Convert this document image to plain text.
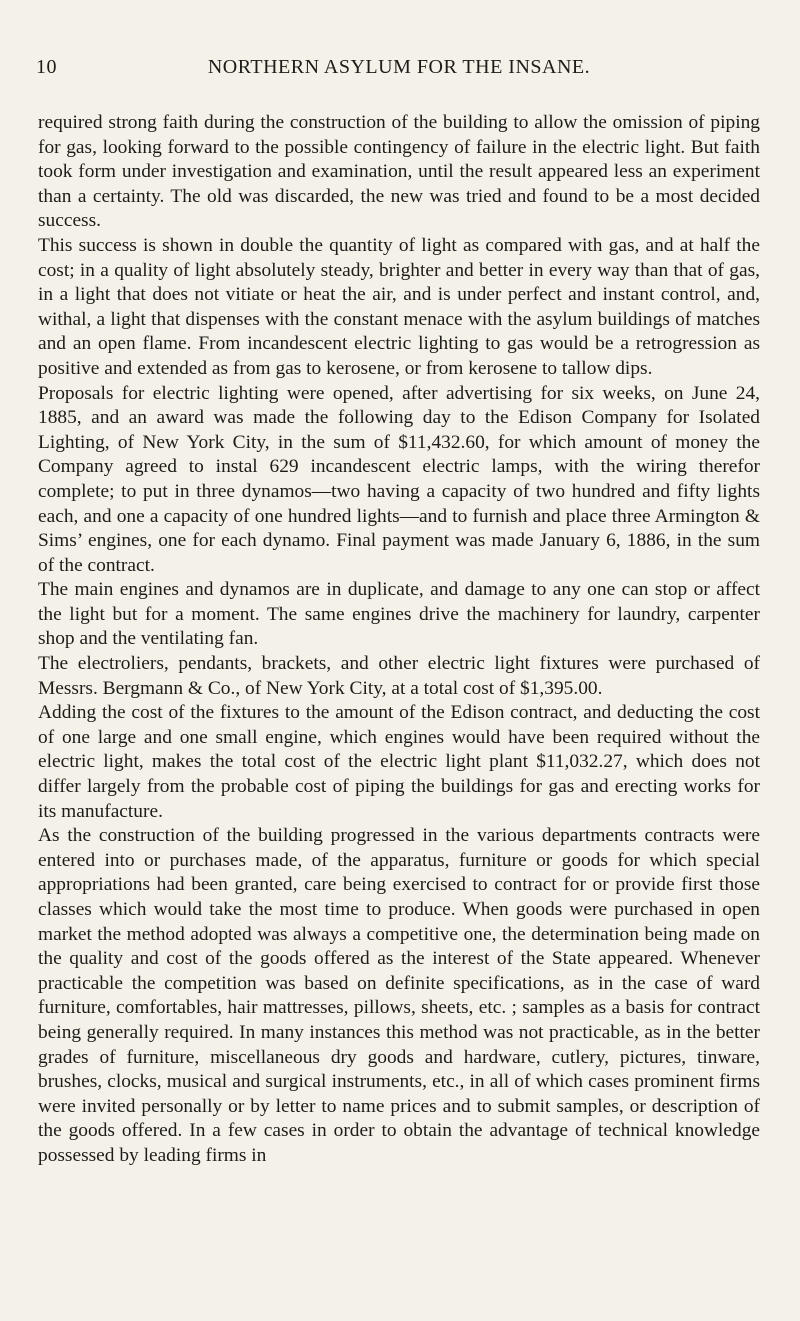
10	NORTHERN ASYLUM FOR THE INSANE.

required strong faith during the construction of the building to allow the omission of piping for gas, looking forward to the possible contingency of failure in the electric light. But faith took form under investigation and examination, until the result appeared less an experiment than a certainty. The old was discarded, the new was tried and found to be a most decided success.

This success is shown in double the quantity of light as compared with gas, and at half the cost; in a quality of light absolutely steady, brighter and better in every way than that of gas, in a light that does not vitiate or heat the air, and is under perfect and instant control, and, withal, a light that dispenses with the constant menace with the asylum buildings of matches and an open flame. From incandescent electric lighting to gas would be a retrogression as positive and extended as from gas to kerosene, or from kerosene to tallow dips.

Proposals for electric lighting were opened, after advertising for six weeks, on June 24, 1885, and an award was made the following day to the Edison Company for Isolated Lighting, of New York City, in the sum of $11,432.60, for which amount of money the Company agreed to instal 629 incandescent electric lamps, with the wiring therefor complete; to put in three dynamos—two having a capacity of two hundred and fifty lights each, and one a capacity of one hundred lights—and to furnish and place three Armington & Sims’ engines, one for each dynamo. Final payment was made January 6, 1886, in the sum of the contract.

The main engines and dynamos are in duplicate, and damage to any one can stop or affect the light but for a moment. The same engines drive the machinery for laundry, carpenter shop and the ventilating fan.

The electroliers, pendants, brackets, and other electric light fixtures were purchased of Messrs. Bergmann & Co., of New York City, at a total cost of $1,395.00.

Adding the cost of the fixtures to the amount of the Edison contract, and deducting the cost of one large and one small engine, which engines would have been required without the electric light, makes the total cost of the electric light plant $11,032.27, which does not differ largely from the probable cost of piping the buildings for gas and erecting works for its manufacture.

As the construction of the building progressed in the various departments contracts were entered into or purchases made, of the apparatus, furniture or goods for which special appropriations had been granted, care being exercised to contract for or provide first those classes which would take the most time to produce. When goods were purchased in open market the method adopted was always a competitive one, the determination being made on the quality and cost of the goods offered as the interest of the State appeared. Whenever practicable the competition was based on definite specifications, as in the case of ward furniture, comfortables, hair mattresses, pillows, sheets, etc. ; samples as a basis for contract being generally required. In many instances this method was not practicable, as in the better grades of furniture, miscellaneous dry goods and hardware, cutlery, pictures, tinware, brushes, clocks, musical and surgical instruments, etc., in all of which cases prominent firms were invited personally or by letter to name prices and to submit samples, or description of the goods offered. In a few cases in order to obtain the advantage of technical knowledge possessed by leading firms in
